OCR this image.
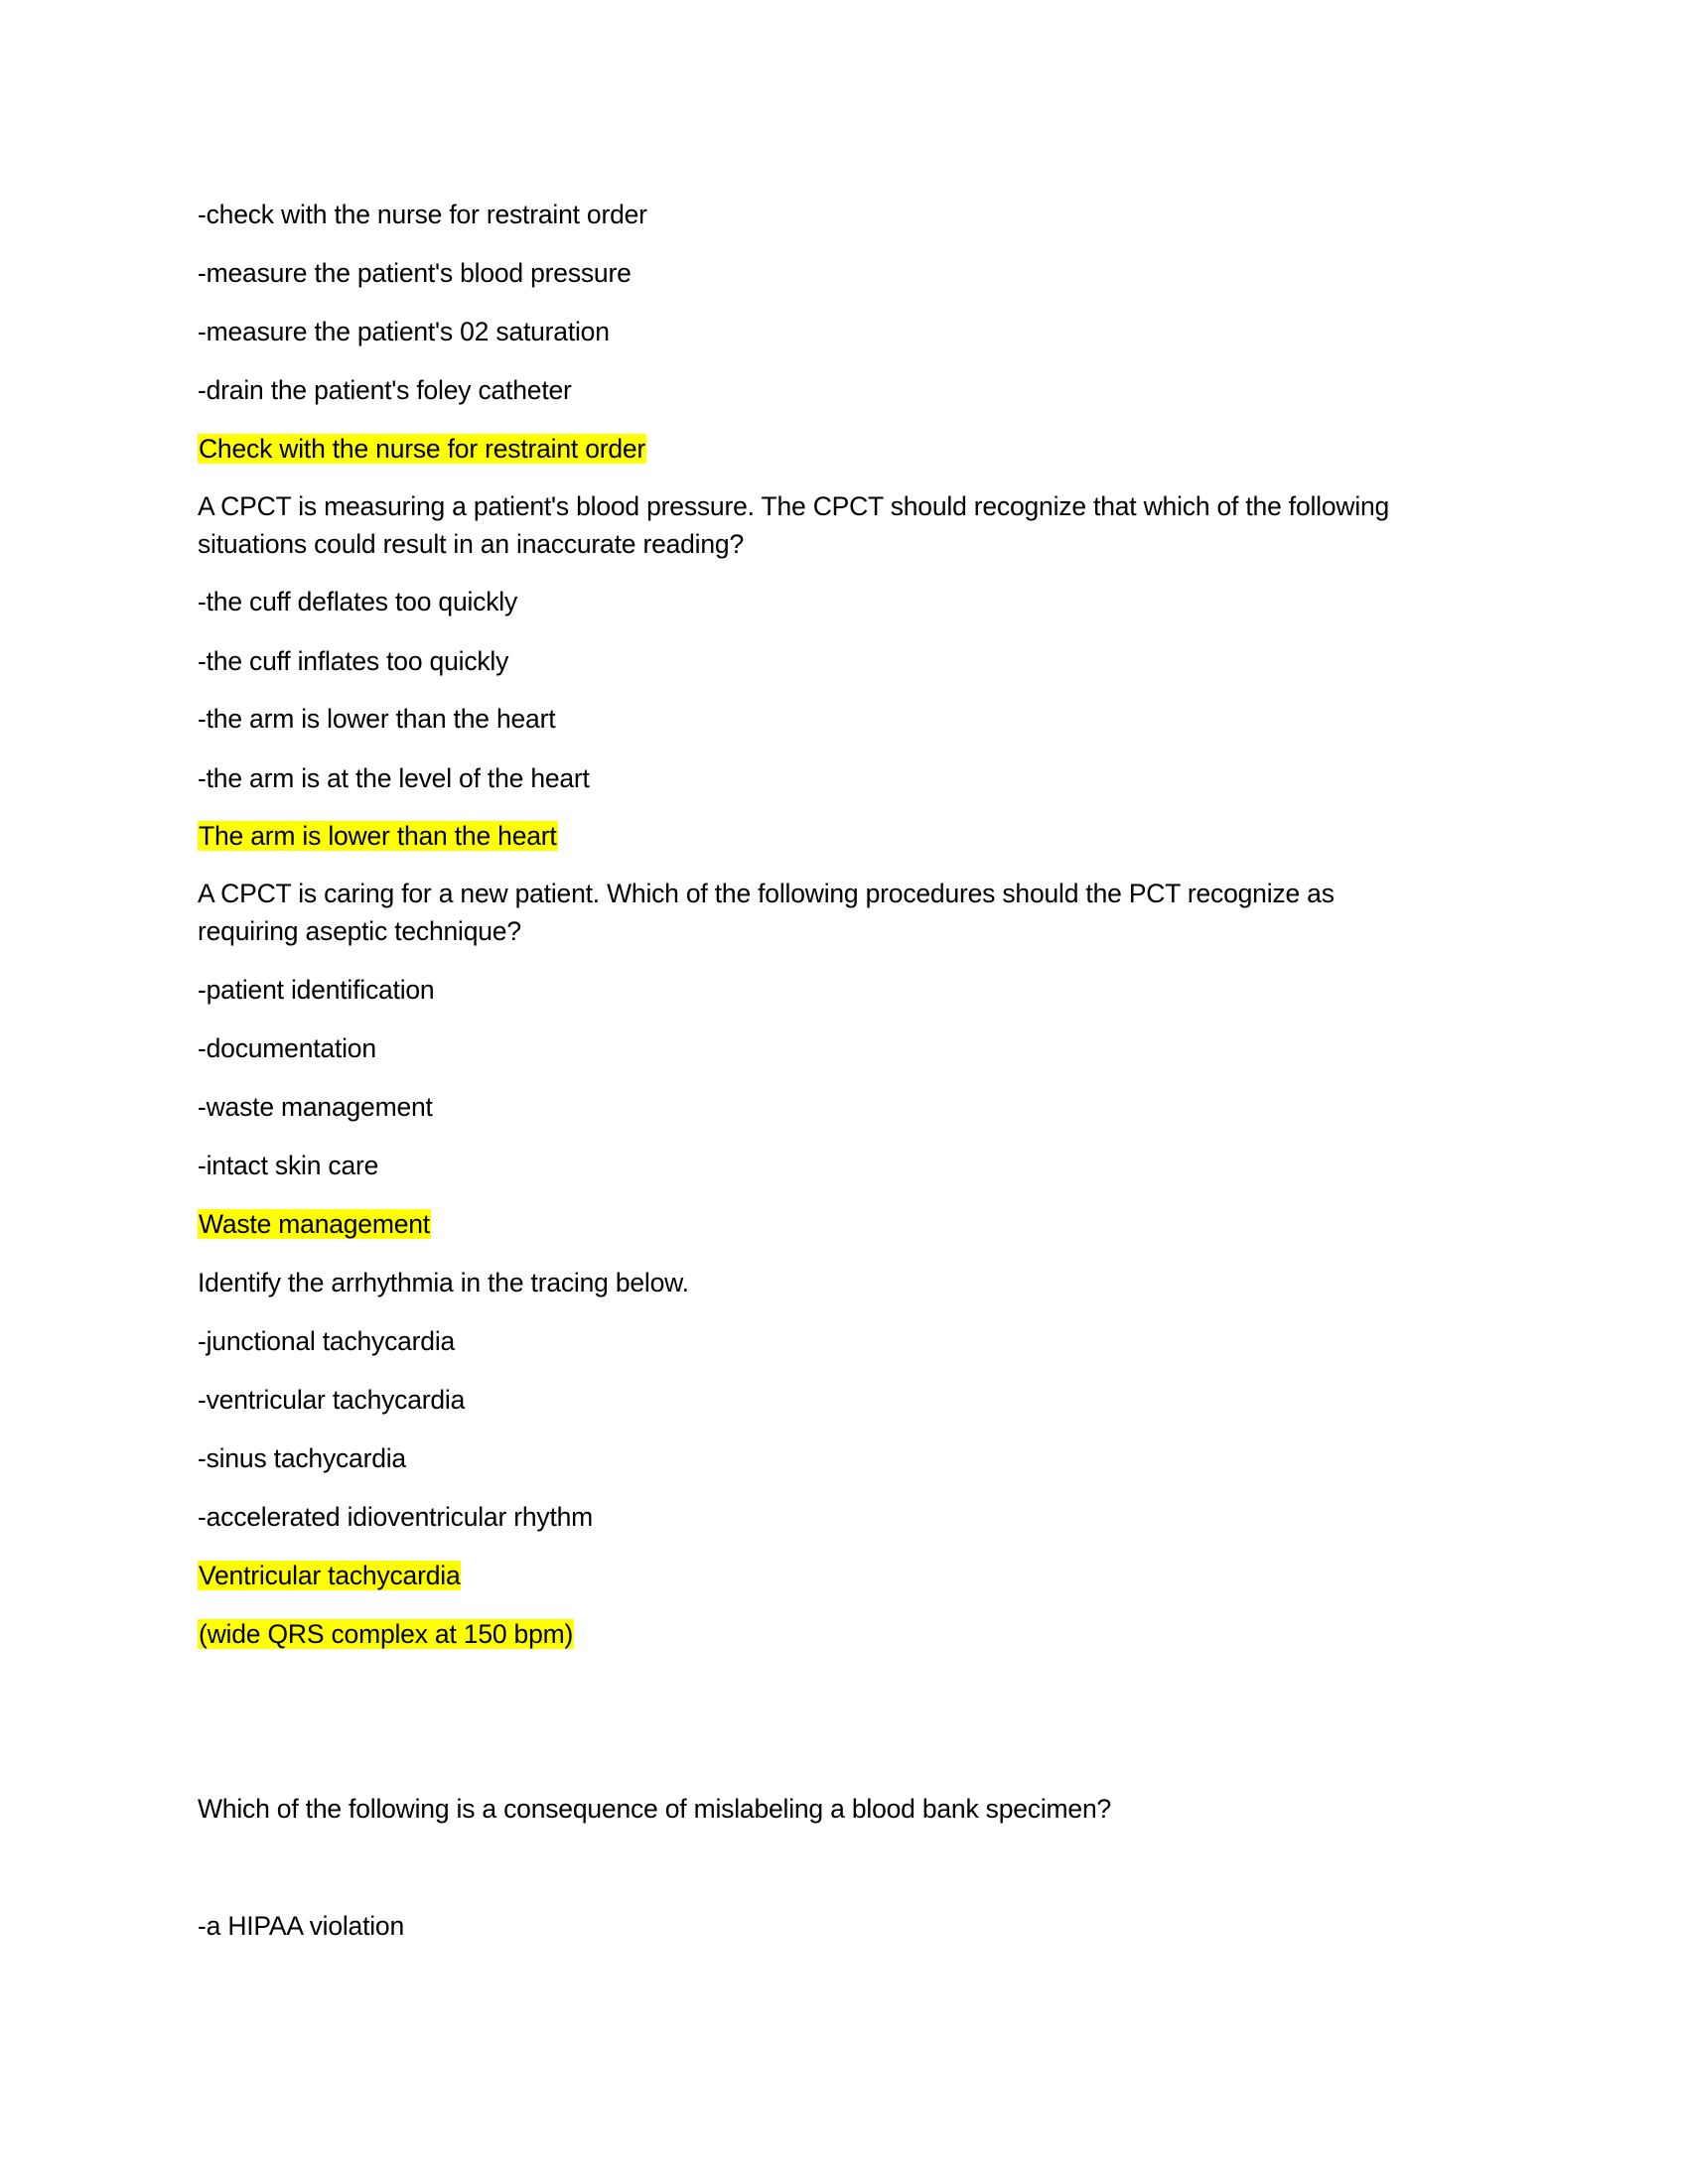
-check with the nurse for restraint order
-measure the patient's blood pressure
-measure the patient's 02 saturation
-drain the patient's foley catheter
Check with the nurse for restraint order
A CPCT is measuring a patient's blood pressure. The CPCT should recognize that which of the following
situations could result in an inaccurate reading?
-the cuff deflates too quickly
-the cuff inflates too quickly
-the arm is lower than the heart
-the arm is at the level of the heart
The arm is lower than the heart
A CPCT is caring for a new patient. Which of the following procedures should the PCT recognize as
requiring aseptic technique?
-patient identification
-documentation
-waste management
-intact skin care
Waste management
Identify the arrhythmia in the tracing below.
-junctional tachycardia
-ventricular tachycardia
-sinus tachycardia
-accelerated idioventricular rhythm
Ventricular tachycardia
(wide QRS complex at 150 bpm)
Which of the following is a consequence of mislabeling a blood bank specimen?
-a HIPAA violation
